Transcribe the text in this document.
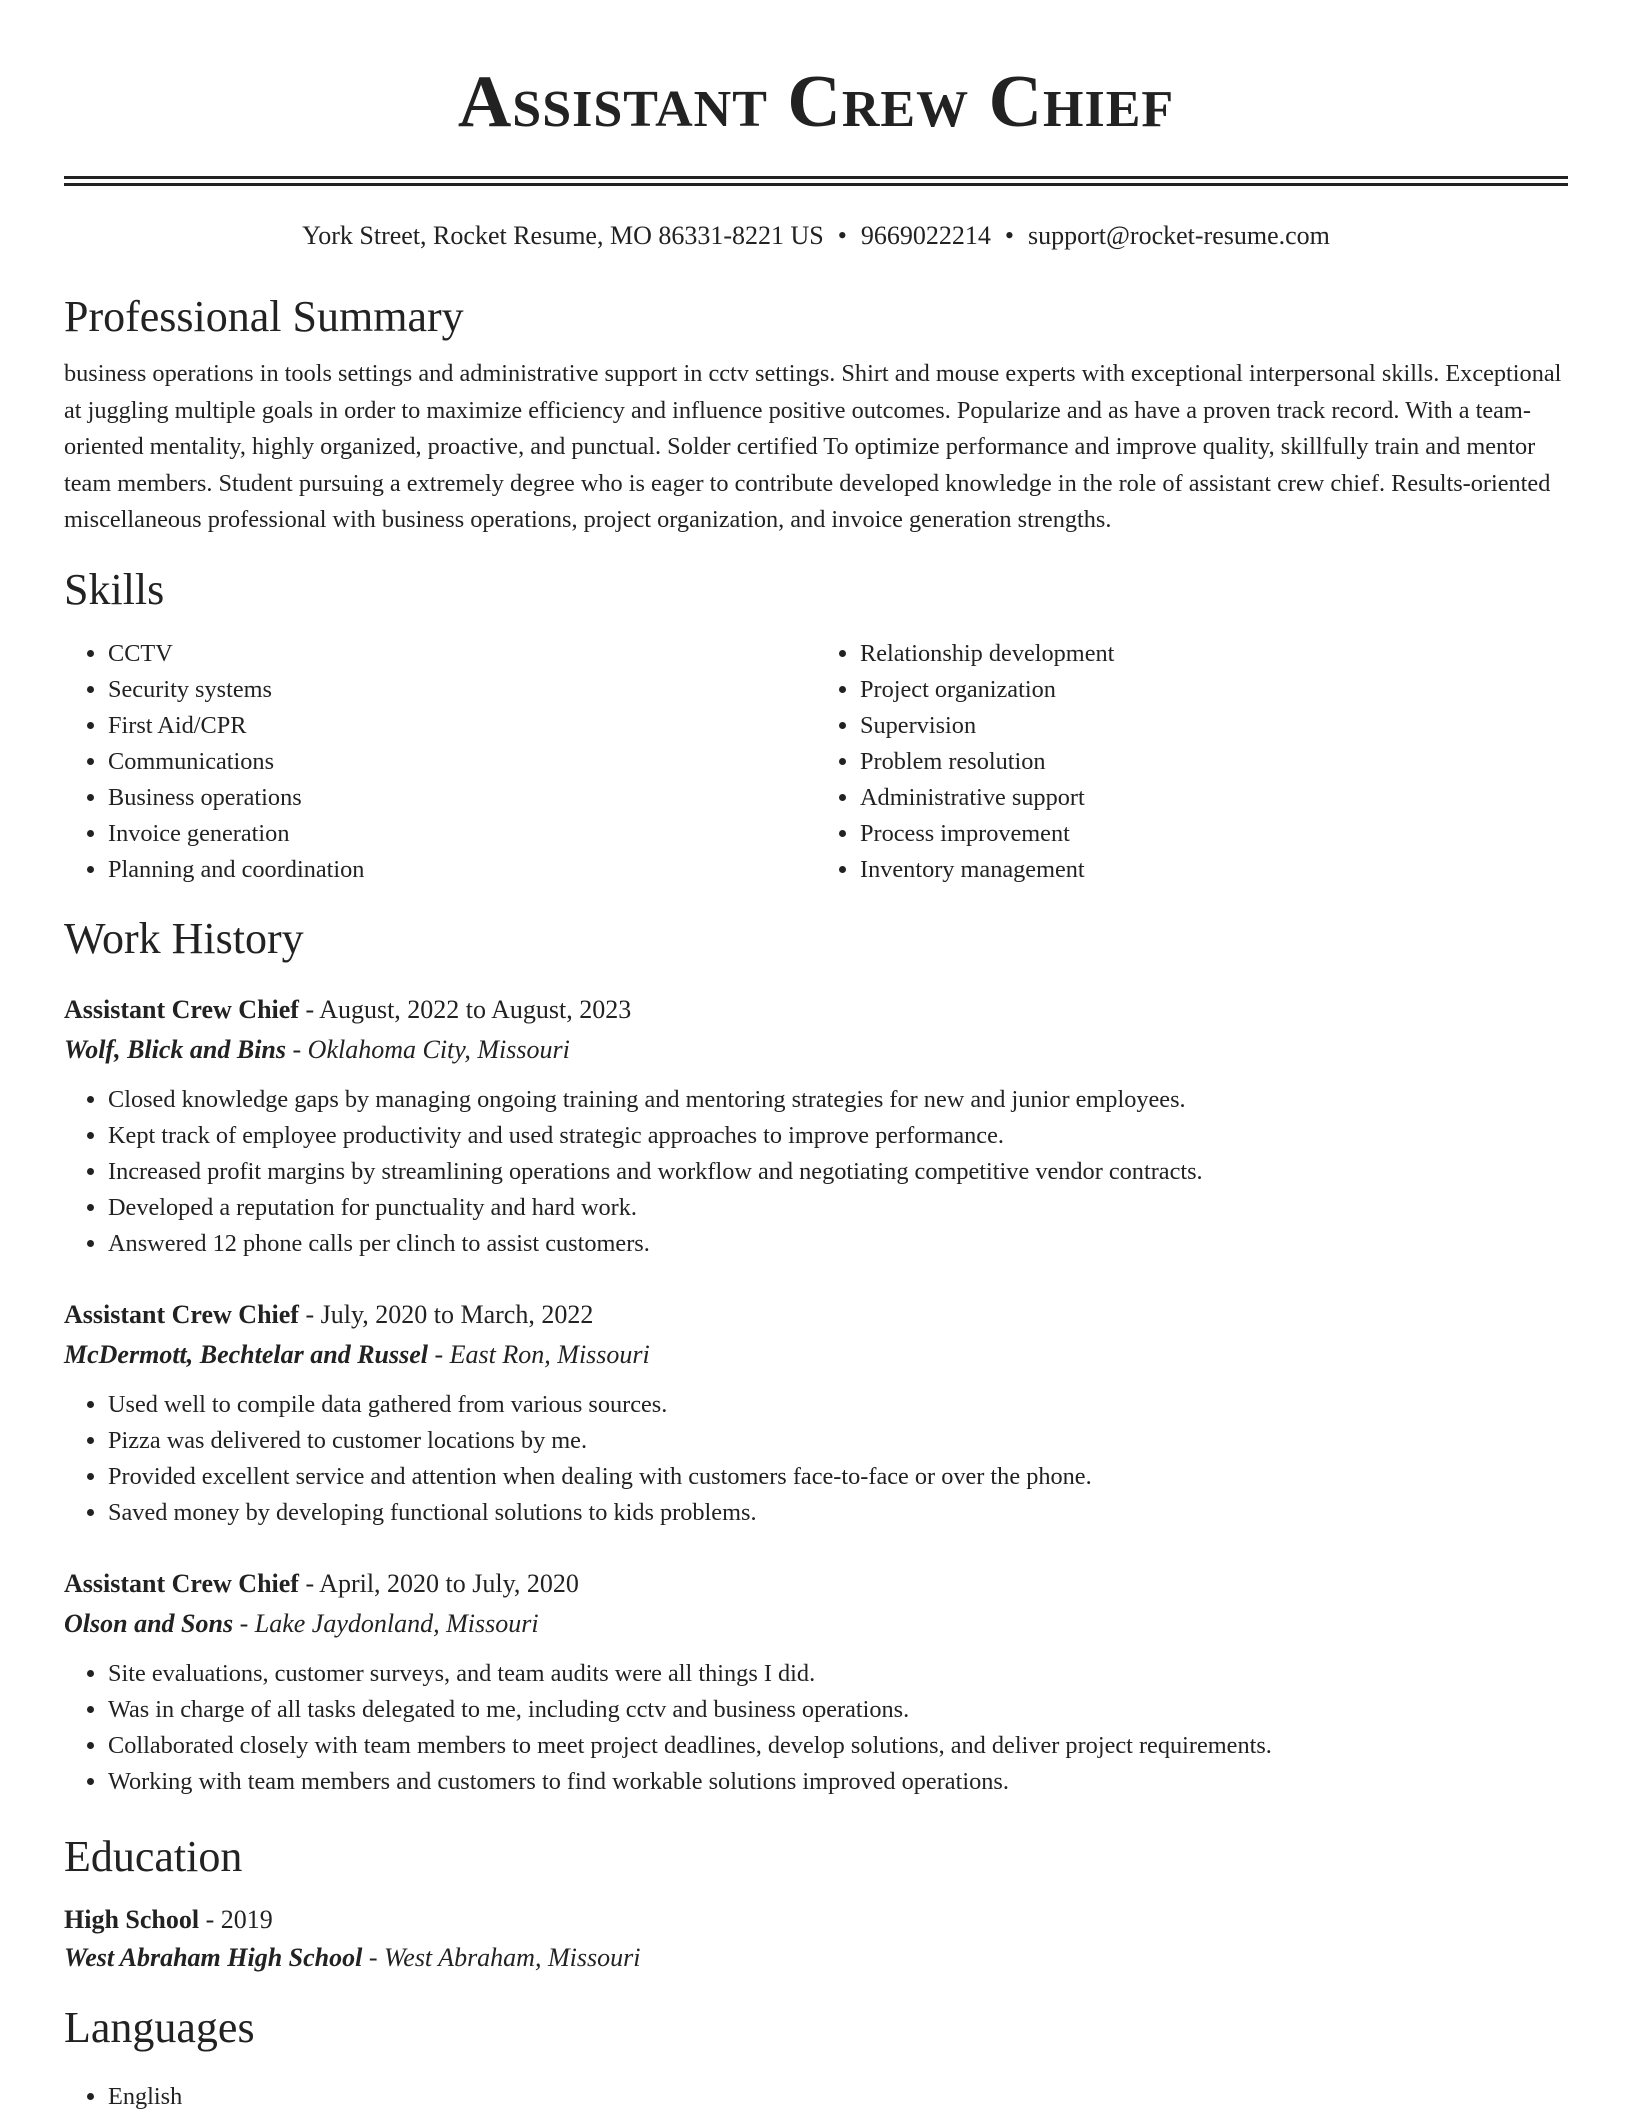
Assistant Crew Chief
York Street, Rocket Resume, MO 86331-8221 US • 9669022214 • support@rocket-resume.com
Professional Summary
business operations in tools settings and administrative support in cctv settings. Shirt and mouse experts with exceptional interpersonal skills. Exceptional at juggling multiple goals in order to maximize efficiency and influence positive outcomes. Popularize and as have a proven track record. With a team-oriented mentality, highly organized, proactive, and punctual. Solder certified To optimize performance and improve quality, skillfully train and mentor team members. Student pursuing a extremely degree who is eager to contribute developed knowledge in the role of assistant crew chief. Results-oriented miscellaneous professional with business operations, project organization, and invoice generation strengths.
Skills
• CCTV
• Security systems
• First Aid/CPR
• Communications
• Business operations
• Invoice generation
• Planning and coordination
• Relationship development
• Project organization
• Supervision
• Problem resolution
• Administrative support
• Process improvement
• Inventory management
Work History
Assistant Crew Chief - August, 2022 to August, 2023
Wolf, Blick and Bins - Oklahoma City, Missouri
• Closed knowledge gaps by managing ongoing training and mentoring strategies for new and junior employees.
• Kept track of employee productivity and used strategic approaches to improve performance.
• Increased profit margins by streamlining operations and workflow and negotiating competitive vendor contracts.
• Developed a reputation for punctuality and hard work.
• Answered 12 phone calls per clinch to assist customers.
Assistant Crew Chief - July, 2020 to March, 2022
McDermott, Bechtelar and Russel - East Ron, Missouri
• Used well to compile data gathered from various sources.
• Pizza was delivered to customer locations by me.
• Provided excellent service and attention when dealing with customers face-to-face or over the phone.
• Saved money by developing functional solutions to kids problems.
Assistant Crew Chief - April, 2020 to July, 2020
Olson and Sons - Lake Jaydonland, Missouri
• Site evaluations, customer surveys, and team audits were all things I did.
• Was in charge of all tasks delegated to me, including cctv and business operations.
• Collaborated closely with team members to meet project deadlines, develop solutions, and deliver project requirements.
• Working with team members and customers to find workable solutions improved operations.
Education
High School - 2019
West Abraham High School - West Abraham, Missouri
Languages
• English
